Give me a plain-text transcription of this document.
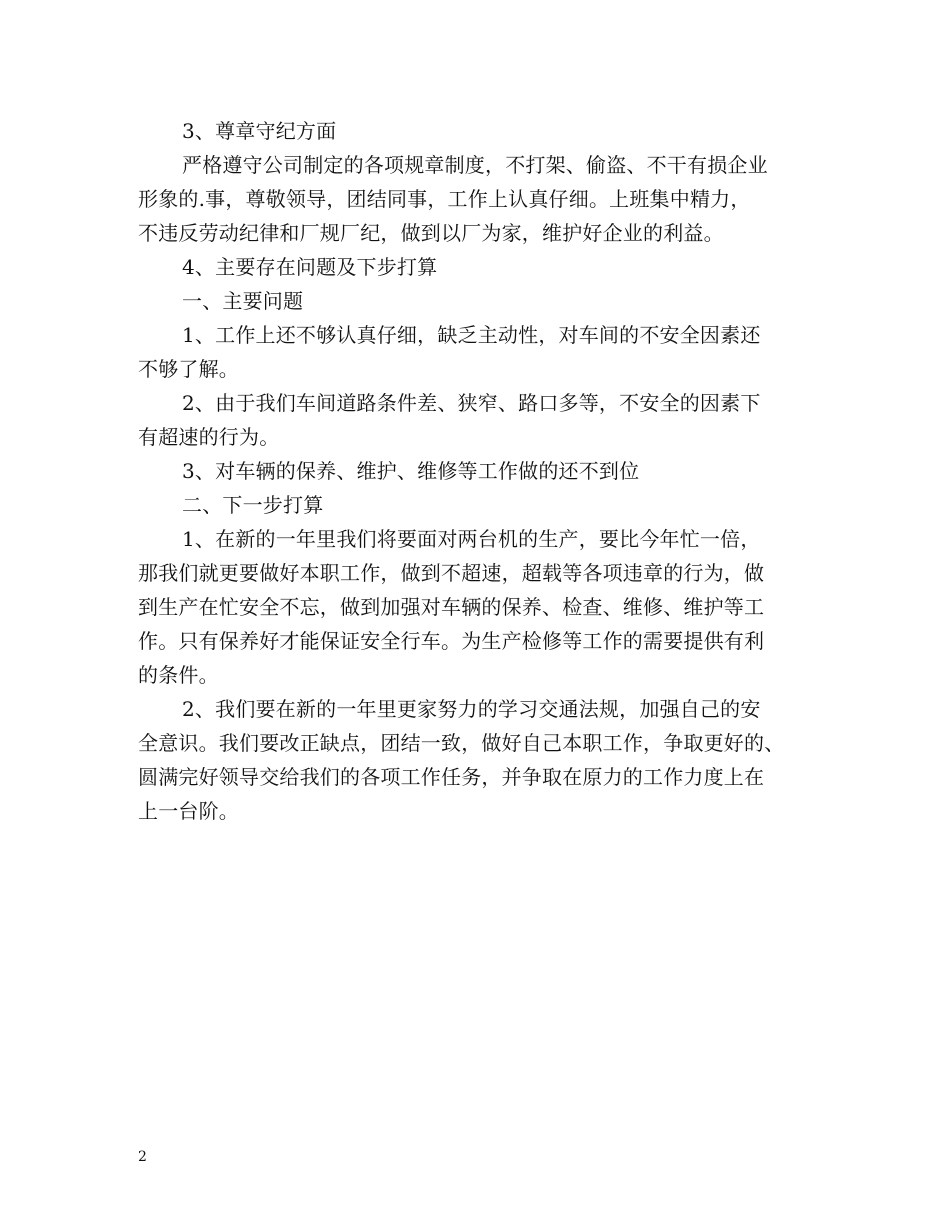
3、尊章守纪方面
严格遵守公司制定的各项规章制度，不打架、偷盗、不干有损企业
形象的.事，尊敬领导，团结同事，工作上认真仔细。上班集中精力，
不违反劳动纪律和厂规厂纪，做到以厂为家，维护好企业的利益。
4、主要存在问题及下步打算
一、主要问题
1、工作上还不够认真仔细，缺乏主动性，对车间的不安全因素还
不够了解。
2、由于我们车间道路条件差、狭窄、路口多等，不安全的因素下
有超速的行为。
3、对车辆的保养、维护、维修等工作做的还不到位
二、下一步打算
1、在新的一年里我们将要面对两台机的生产，要比今年忙一倍，
那我们就更要做好本职工作，做到不超速，超载等各项违章的行为，做
到生产在忙安全不忘，做到加强对车辆的保养、检查、维修、维护等工
作。只有保养好才能保证安全行车。为生产检修等工作的需要提供有利
的条件。
2、我们要在新的一年里更家努力的学习交通法规，加强自己的安
全意识。我们要改正缺点，团结一致，做好自己本职工作，争取更好的、
圆满完好领导交给我们的各项工作任务，并争取在原力的工作力度上在
上一台阶。
2
